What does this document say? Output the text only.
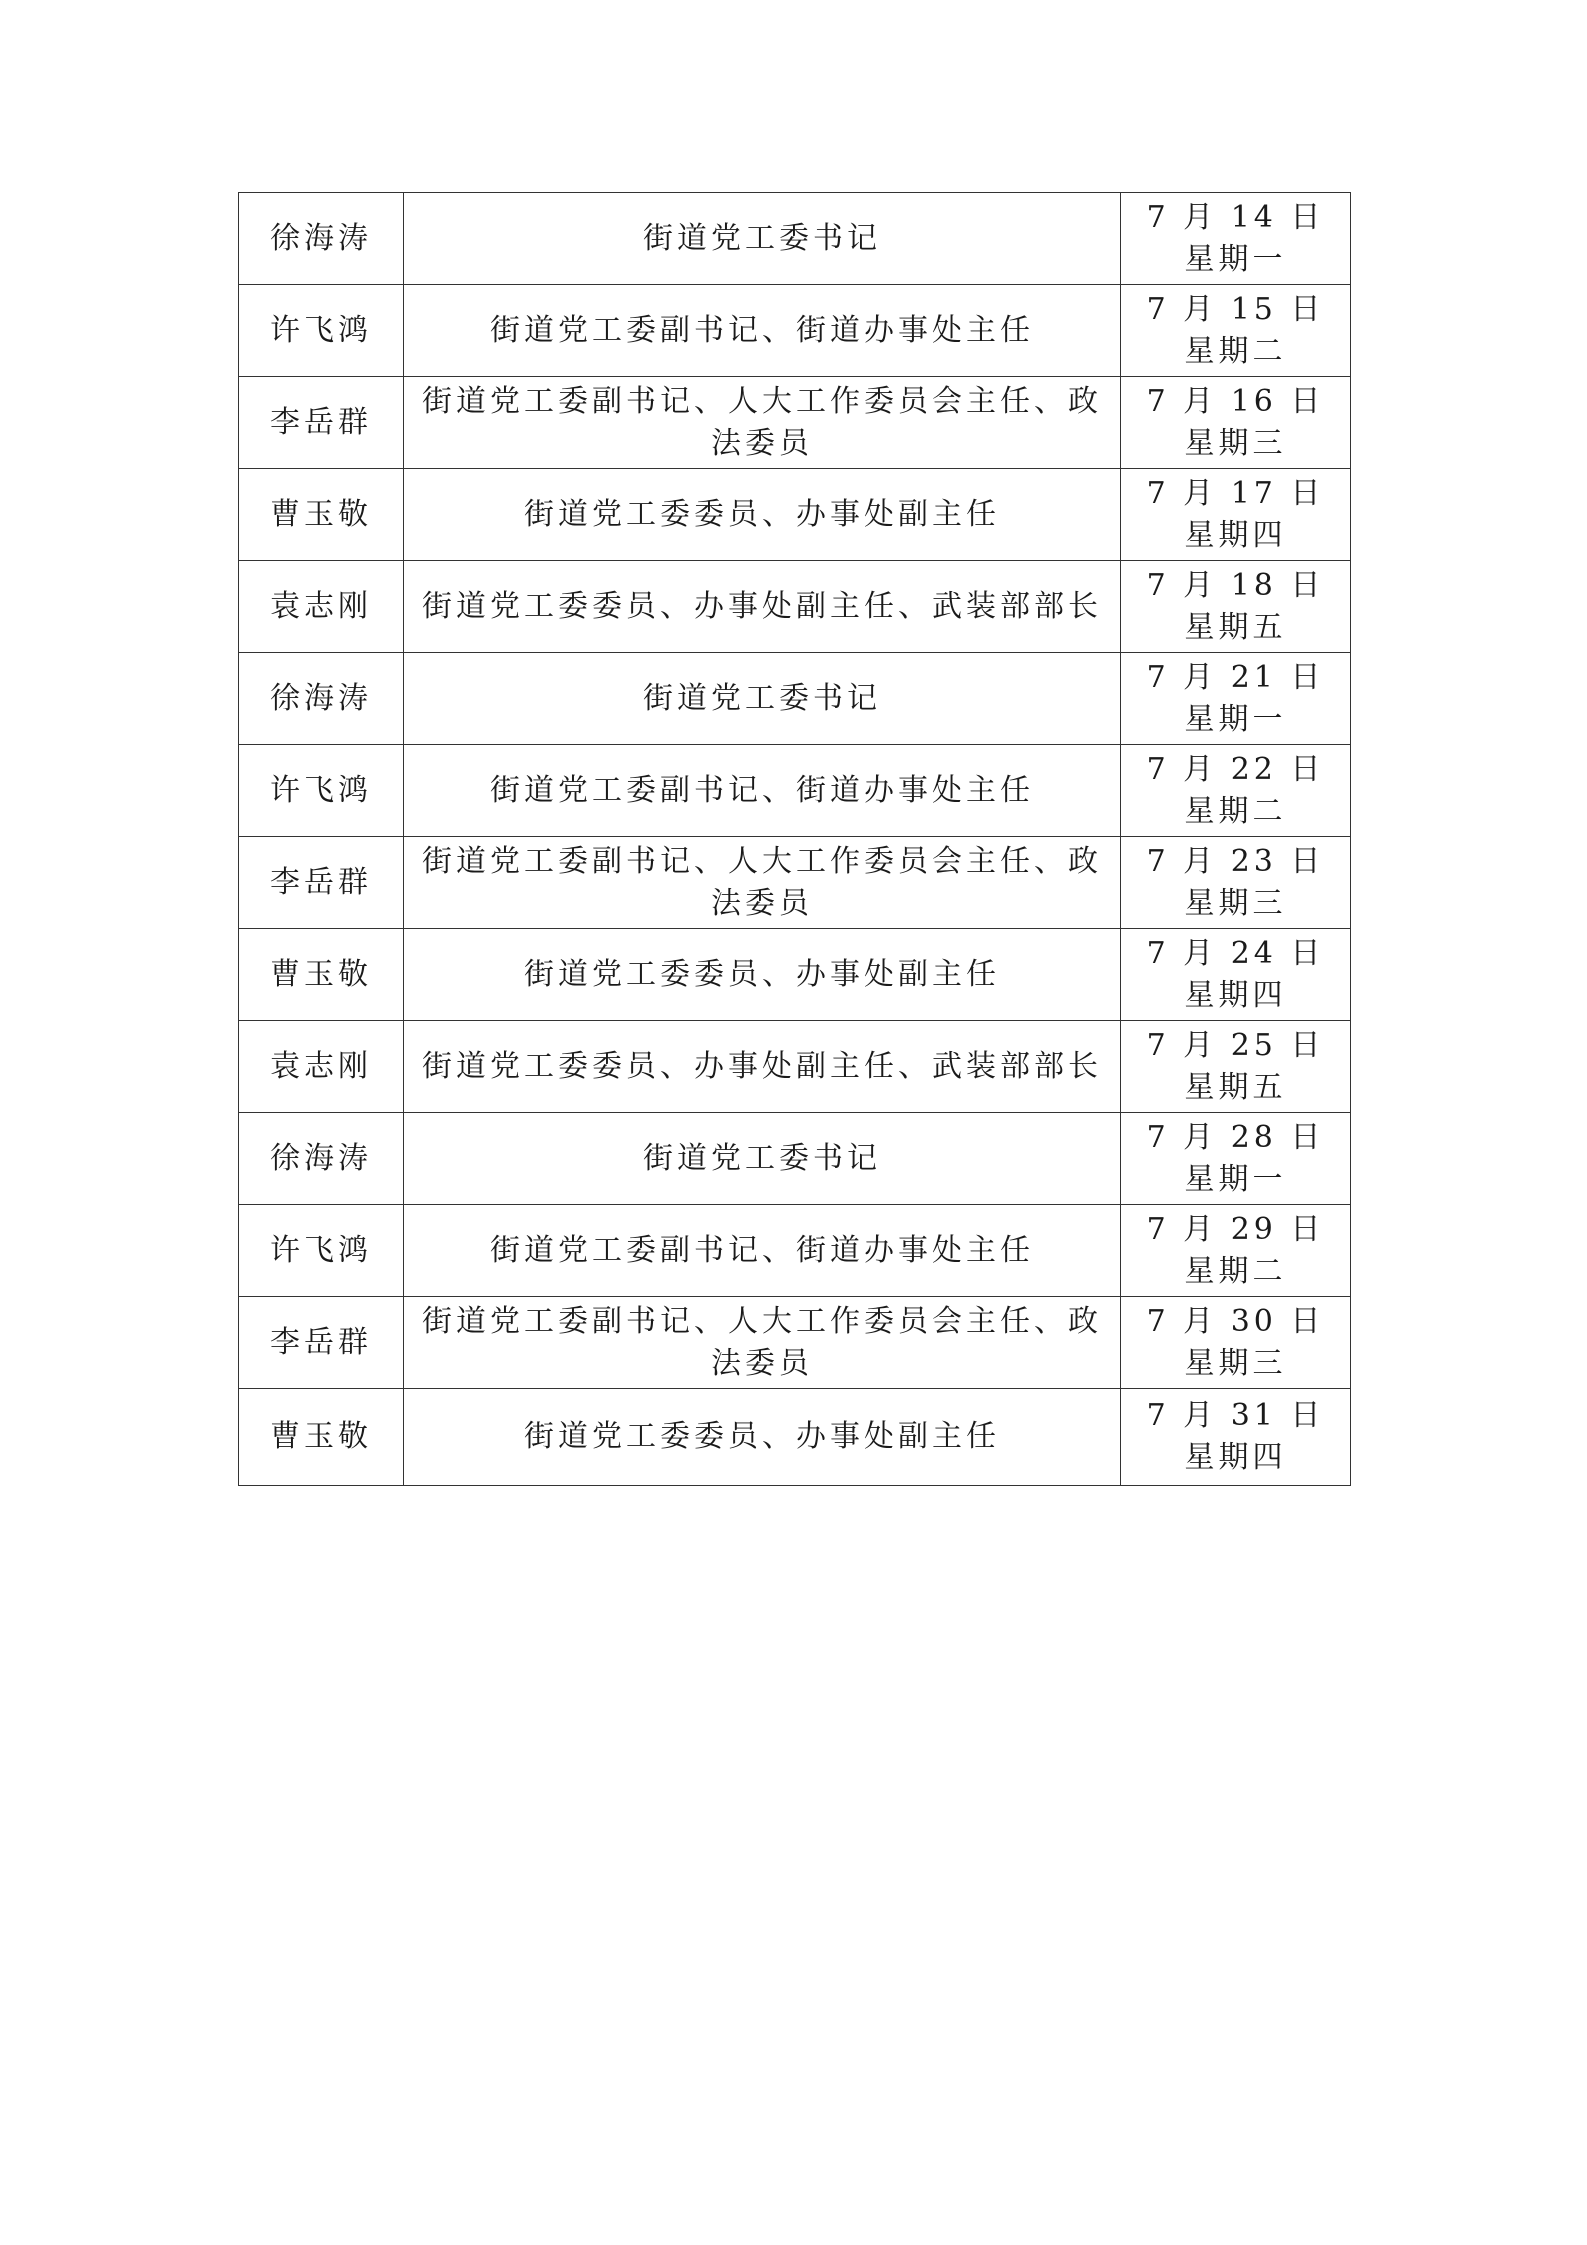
徐海涛	街道党工委书记	7 月 14 日
星期一

许飞鸿	街道党工委副书记、街道办事处主任	7 月 15 日
星期二

李岳群	街道党工委副书记、人大工作委员会主任、政法委员	7 月 16 日
星期三

曹玉敬	街道党工委委员、办事处副主任	7 月 17 日
星期四

袁志刚	街道党工委委员、办事处副主任、武装部部长	7 月 18 日
星期五

徐海涛	街道党工委书记	7 月 21 日
星期一

许飞鸿	街道党工委副书记、街道办事处主任	7 月 22 日
星期二

李岳群	街道党工委副书记、人大工作委员会主任、政法委员	7 月 23 日
星期三

曹玉敬	街道党工委委员、办事处副主任	7 月 24 日
星期四

袁志刚	街道党工委委员、办事处副主任、武装部部长	7 月 25 日
星期五

徐海涛	街道党工委书记	7 月 28 日
星期一

许飞鸿	街道党工委副书记、街道办事处主任	7 月 29 日
星期二

李岳群	街道党工委副书记、人大工作委员会主任、政法委员	7 月 30 日
星期三

曹玉敬	街道党工委委员、办事处副主任	7 月 31 日
星期四
